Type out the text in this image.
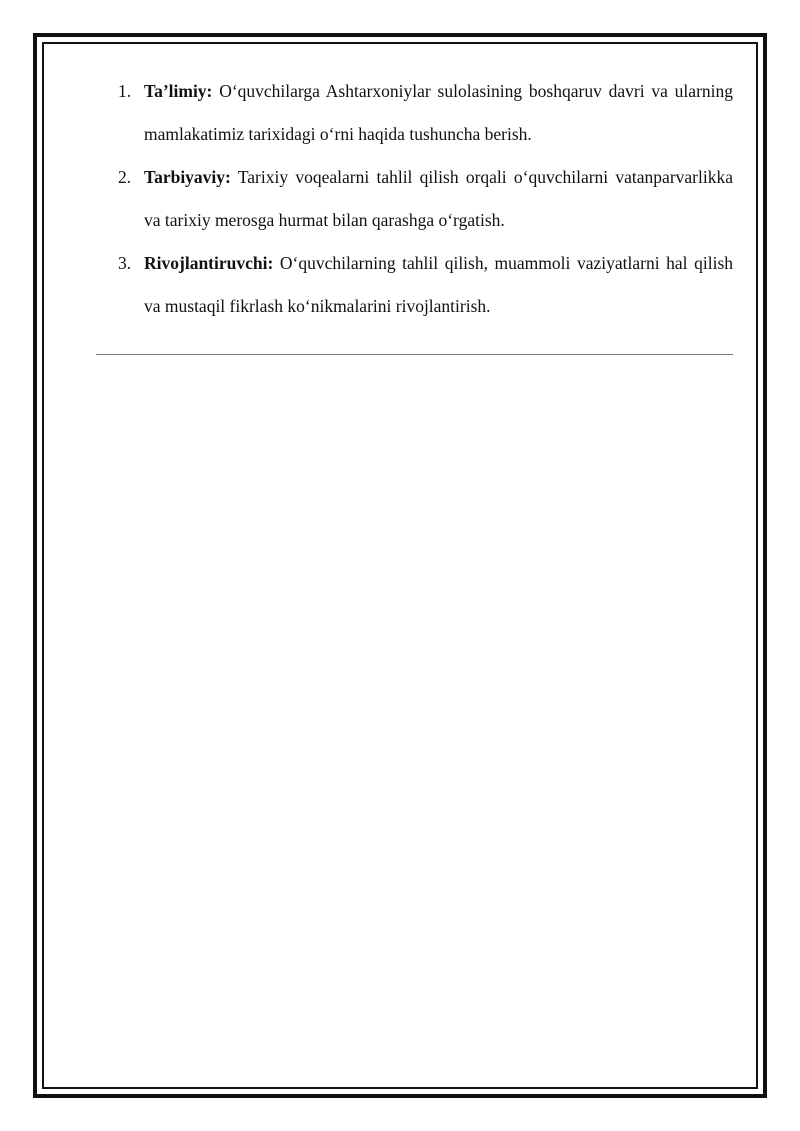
1. Ta’limiy: O‘quvchilarga Ashtarxoniylar sulolasining boshqaruv davri va ularning mamlakatimiz tarixidagi o‘rni haqida tushuncha berish.
2. Tarbiyaviy: Tarixiy voqealarni tahlil qilish orqali o‘quvchilarni vatanparvarlikka va tarixiy merosga hurmat bilan qarashga o‘rgatish.
3. Rivojlantiruvchi: O‘quvchilarning tahlil qilish, muammoli vaziyatlarni hal qilish va mustaqil fikrlash ko‘nikmalarini rivojlantirish.
